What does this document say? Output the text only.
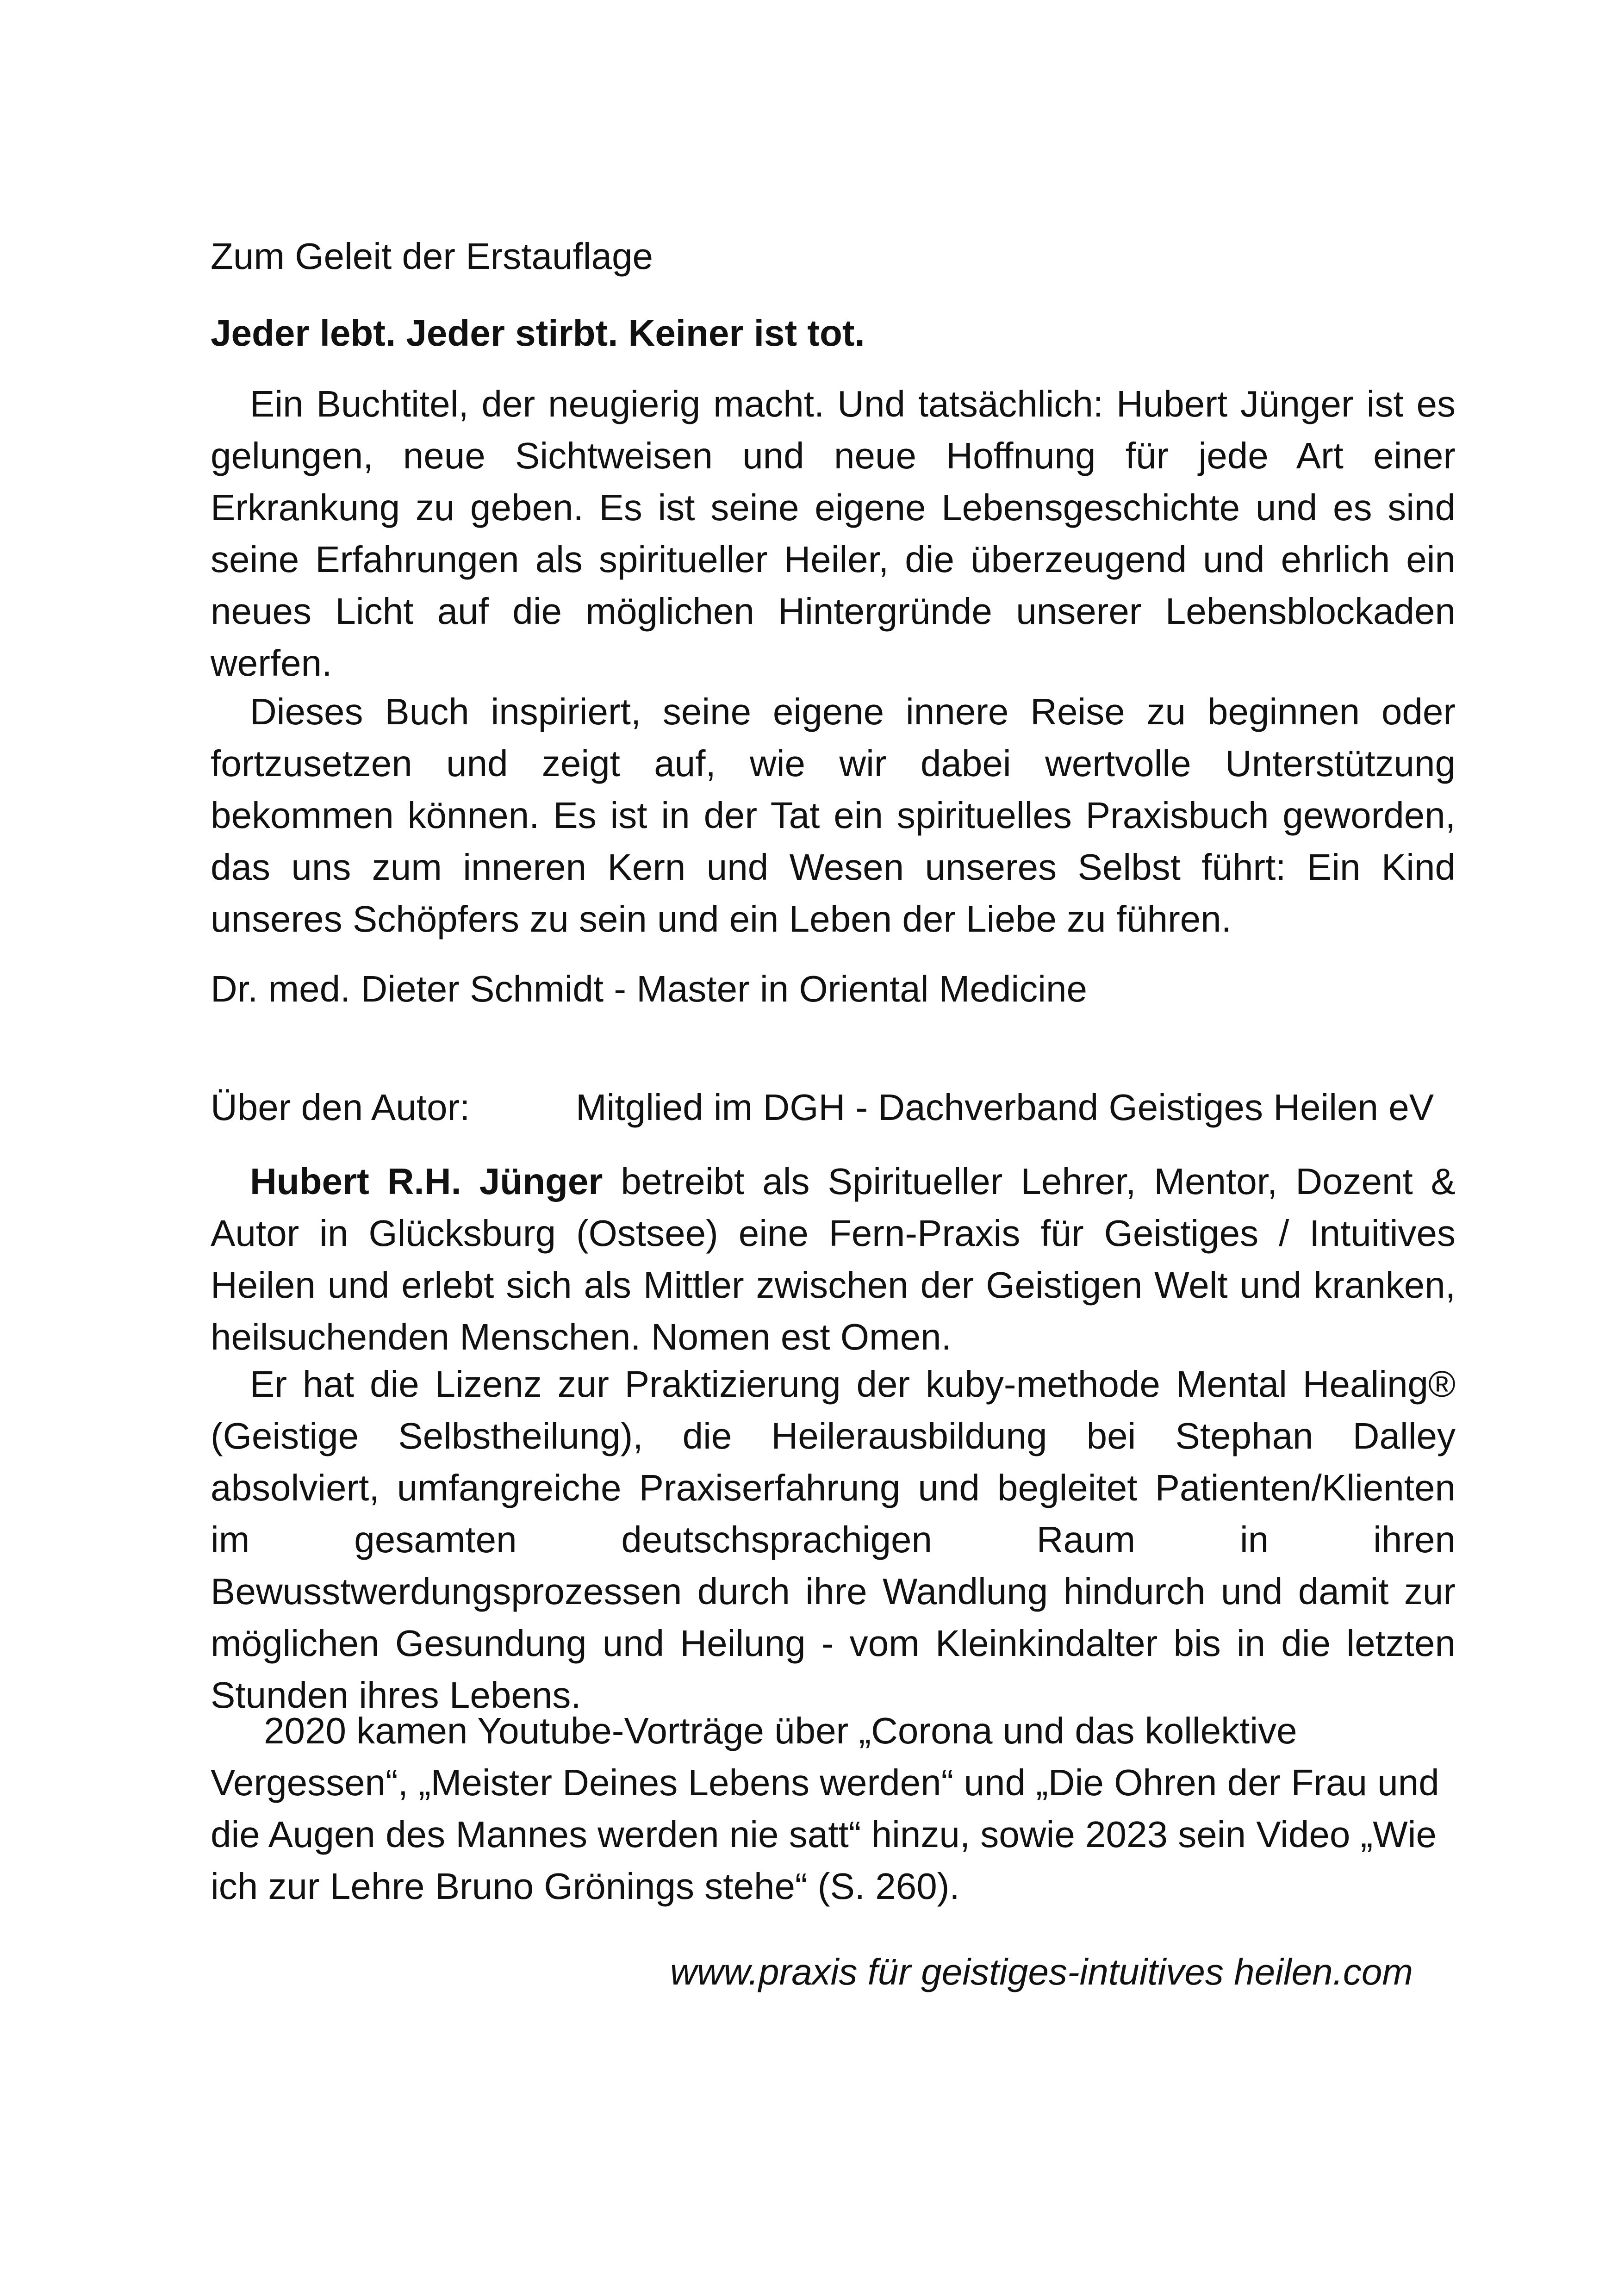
Zum Geleit der Erstauflage

Jeder lebt. Jeder stirbt. Keiner ist tot.

Ein Buchtitel, der neugierig macht. Und tatsächlich: Hubert Jünger ist es gelungen, neue Sichtweisen und neue Hoffnung für jede Art einer Erkrankung zu geben. Es ist seine eigene Lebensgeschichte und es sind seine Erfahrungen als spiritueller Heiler, die überzeugend und ehrlich ein neues Licht auf die möglichen Hintergründe unserer Lebensblockaden werfen.

Dieses Buch inspiriert, seine eigene innere Reise zu beginnen oder fortzusetzen und zeigt auf, wie wir dabei wertvolle Unterstützung bekommen können. Es ist in der Tat ein spirituelles Praxisbuch geworden, das uns zum inneren Kern und Wesen unseres Selbst führt: Ein Kind unseres Schöpfers zu sein und ein Leben der Liebe zu führen.

Dr. med. Dieter Schmidt - Master in Oriental Medicine

Über den Autor:	Mitglied im DGH - Dachverband Geistiges Heilen eV

Hubert R.H. Jünger betreibt als Spiritueller Lehrer, Mentor, Dozent & Autor in Glücksburg (Ostsee) eine Fern-Praxis für Geistiges / Intuitives Heilen und erlebt sich als Mittler zwischen der Geistigen Welt und kranken, heilsuchenden Menschen. Nomen est Omen.

Er hat die Lizenz zur Praktizierung der kuby-methode Mental Healing® (Geistige Selbstheilung), die Heilerausbildung bei Stephan Dalley absolviert, umfangreiche Praxiserfahrung und begleitet Patienten/Klienten im gesamten deutschsprachigen Raum in ihren Bewusstwerdungsprozessen durch ihre Wandlung hindurch und damit zur möglichen Gesundung und Heilung - vom Kleinkindalter bis in die letzten Stunden ihres Lebens.

2020 kamen Youtube-Vorträge über „Corona und das kollektive Vergessen“, „Meister Deines Lebens werden“ und „Die Ohren der Frau und die Augen des Mannes werden nie satt“ hinzu, sowie 2023 sein Video „Wie ich zur Lehre Bruno Grönings stehe“ (S. 260).

www.praxis für geistiges-intuitives heilen.com
